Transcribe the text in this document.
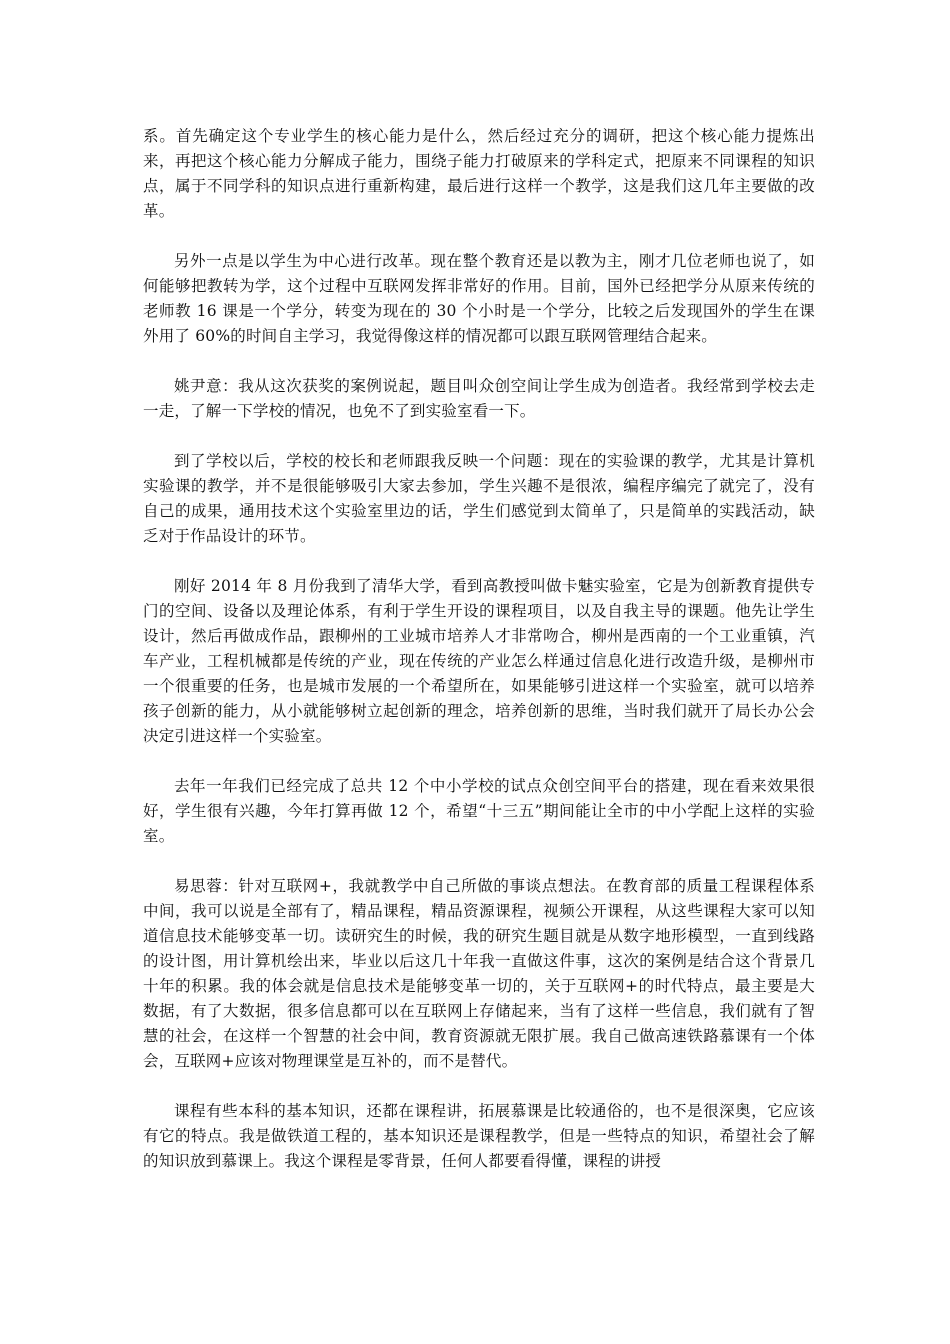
系。首先确定这个专业学生的核心能力是什么，然后经过充分的调研，把这个核心能力提炼出来，再把这个核心能力分解成子能力，围绕子能力打破原来的学科定式，把原来不同课程的知识点，属于不同学科的知识点进行重新构建，最后进行这样一个教学，这是我们这几年主要做的改革。

另外一点是以学生为中心进行改革。现在整个教育还是以教为主，刚才几位老师也说了，如何能够把教转为学，这个过程中互联网发挥非常好的作用。目前，国外已经把学分从原来传统的老师教 16 课是一个学分，转变为现在的 30 个小时是一个学分，比较之后发现国外的学生在课外用了 60%的时间自主学习，我觉得像这样的情况都可以跟互联网管理结合起来。

姚尹意：我从这次获奖的案例说起，题目叫众创空间让学生成为创造者。我经常到学校去走一走，了解一下学校的情况，也免不了到实验室看一下。

到了学校以后，学校的校长和老师跟我反映一个问题：现在的实验课的教学，尤其是计算机实验课的教学，并不是很能够吸引大家去参加，学生兴趣不是很浓，编程序编完了就完了，没有自己的成果，通用技术这个实验室里边的话，学生们感觉到太简单了，只是简单的实践活动，缺乏对于作品设计的环节。

刚好 2014 年 8 月份我到了清华大学，看到高教授叫做卡魅实验室，它是为创新教育提供专门的空间、设备以及理论体系，有利于学生开设的课程项目，以及自我主导的课题。他先让学生设计，然后再做成作品，跟柳州的工业城市培养人才非常吻合，柳州是西南的一个工业重镇，汽车产业，工程机械都是传统的产业，现在传统的产业怎么样通过信息化进行改造升级，是柳州市一个很重要的任务，也是城市发展的一个希望所在，如果能够引进这样一个实验室，就可以培养孩子创新的能力，从小就能够树立起创新的理念，培养创新的思维，当时我们就开了局长办公会决定引进这样一个实验室。

去年一年我们已经完成了总共 12 个中小学校的试点众创空间平台的搭建，现在看来效果很好，学生很有兴趣，今年打算再做 12 个，希望“十三五”期间能让全市的中小学配上这样的实验室。

易思蓉：针对互联网+，我就教学中自己所做的事谈点想法。在教育部的质量工程课程体系中间，我可以说是全部有了，精品课程，精品资源课程，视频公开课程，从这些课程大家可以知道信息技术能够变革一切。读研究生的时候，我的研究生题目就是从数字地形模型，一直到线路的设计图，用计算机绘出来，毕业以后这几十年我一直做这件事，这次的案例是结合这个背景几十年的积累。我的体会就是信息技术是能够变革一切的，关于互联网+的时代特点，最主要是大数据，有了大数据，很多信息都可以在互联网上存储起来，当有了这样一些信息，我们就有了智慧的社会，在这样一个智慧的社会中间，教育资源就无限扩展。我自己做高速铁路慕课有一个体会，互联网+应该对物理课堂是互补的，而不是替代。

课程有些本科的基本知识，还都在课程讲，拓展慕课是比较通俗的，也不是很深奥，它应该有它的特点。我是做铁道工程的，基本知识还是课程教学，但是一些特点的知识，希望社会了解的知识放到慕课上。我这个课程是零背景，任何人都要看得懂，课程的讲授
